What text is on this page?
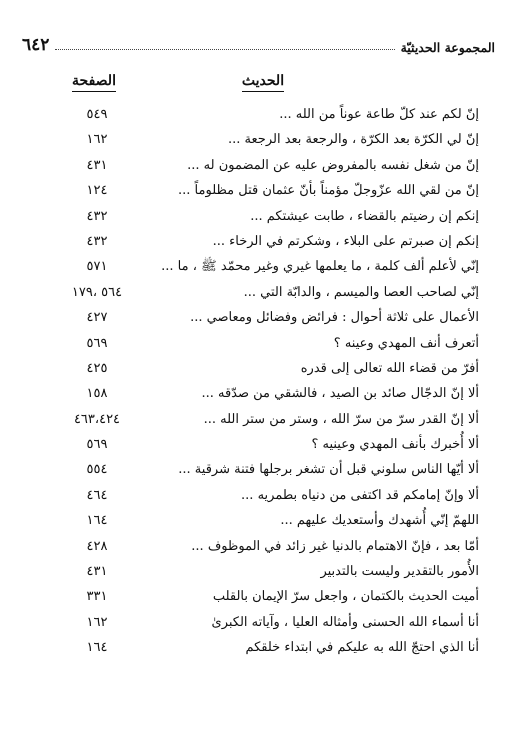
المجموعة الحديثيّة
٦٤٢
الحديث
الصفحة
إنّ لكم عند كلّ طاعة عوناً من الله ...
٥٤٩
إنّ لي الكرّة بعد الكرّة ، والرجعة بعد الرجعة ...
١٦٢
إنّ من شغل نفسه بالمفروض عليه عن المضمون له ...
٤٣١
إنّ من لقي الله عزّوجلّ مؤمناً بأنّ عثمان قتل مظلوماً ...
١٢٤
إنكم إن رضيتم بالقضاء ، طابت عيشتكم ...
٤٣٢
إنكم إن صبرتم على البلاء ، وشكرتم في الرخاء ...
٤٣٢
إنّي لأعلم ألف كلمة ، ما يعلمها غيري وغير محمّد ﷺ ، ما ...
٥٧١
إنّي لصاحب العصا والميسم ، والدابّة التي ...
٥٦٤ ،١٧٩
الأعمال على ثلاثة أحوال : فرائض وفضائل ومعاصي ...
٤٢٧
أتعرف أنف المهدي وعينه ؟
٥٦٩
أفرّ من قضاء الله تعالى إلى قدره
٤٢٥
ألا إنّ الدجّال صائد بن الصيد ، فالشقي من صدّقه ...
١٥٨
ألا إنّ القدر سرّ من سرّ الله ، وستر من ستر الله ...
٤٦٣،٤٢٤
ألا أُخبرك بأنف المهدي وعينيه ؟
٥٦٩
ألا أيّها الناس سلوني قبل أن تشغر برجلها فتنة شرقية ...
٥٥٤
ألا وإنّ إمامكم قد اكتفى من دنياه بطمريه ...
٤٦٤
اللهمّ إنّي أُشهدك وأستعديك عليهم ...
١٦٤
أمّا بعد ، فإنّ الاهتمام بالدنيا غير زائد في الموظوف ...
٤٢٨
الأُمور بالتقدير وليست بالتدبير
٤٣١
أميت الحديث بالكتمان ، واجعل سرّ الإيمان بالقلب
٣٣١
أنا أسماء الله الحسنى وأمثاله العليا ، وآياته الكبرىٰ
١٦٢
أنا الذي احتجّ الله به عليكم في ابتداء خلقكم
١٦٤
